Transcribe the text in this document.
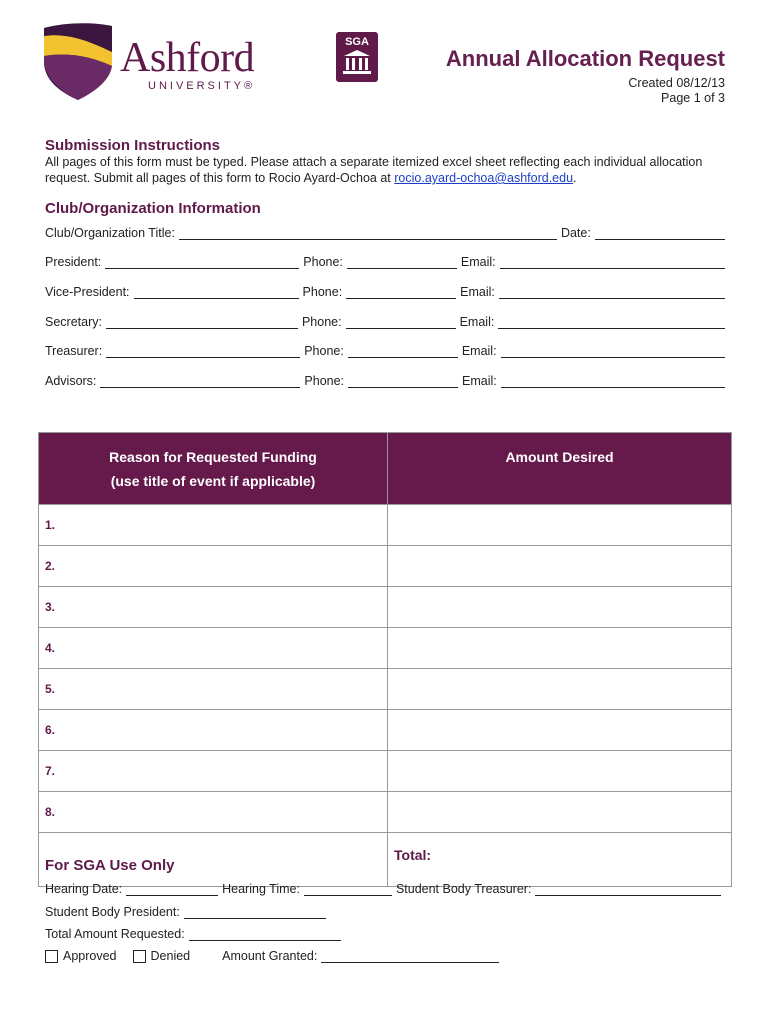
Ashford
UNIVERSITY®
SGA
Annual Allocation Request
Created 08/12/13
Page 1 of 3
Submission Instructions
All pages of this form must be typed. Please attach a separate itemized excel sheet reflecting each individual allocation request. Submit all pages of this form to Rocio Ayard-Ochoa at rocio.ayard-ochoa@ashford.edu.
Club/Organization Information
Club/Organization Title:	Date:
President:	Phone:	Email:
Vice-President:	Phone:	Email:
Secretary:	Phone:	Email:
Treasurer:	Phone:	Email:
Advisors:	Phone:	Email:
Reason for Requested Funding
(use title of event if applicable)	Amount Desired
1.	
2.	
3.	
4.	
5.	
6.	
7.	
8.	
	Total:
For SGA Use Only
Hearing Date:	Hearing Time:	Student Body Treasurer:
Student Body President:
Total Amount Requested:
Approved	Denied	Amount Granted:
